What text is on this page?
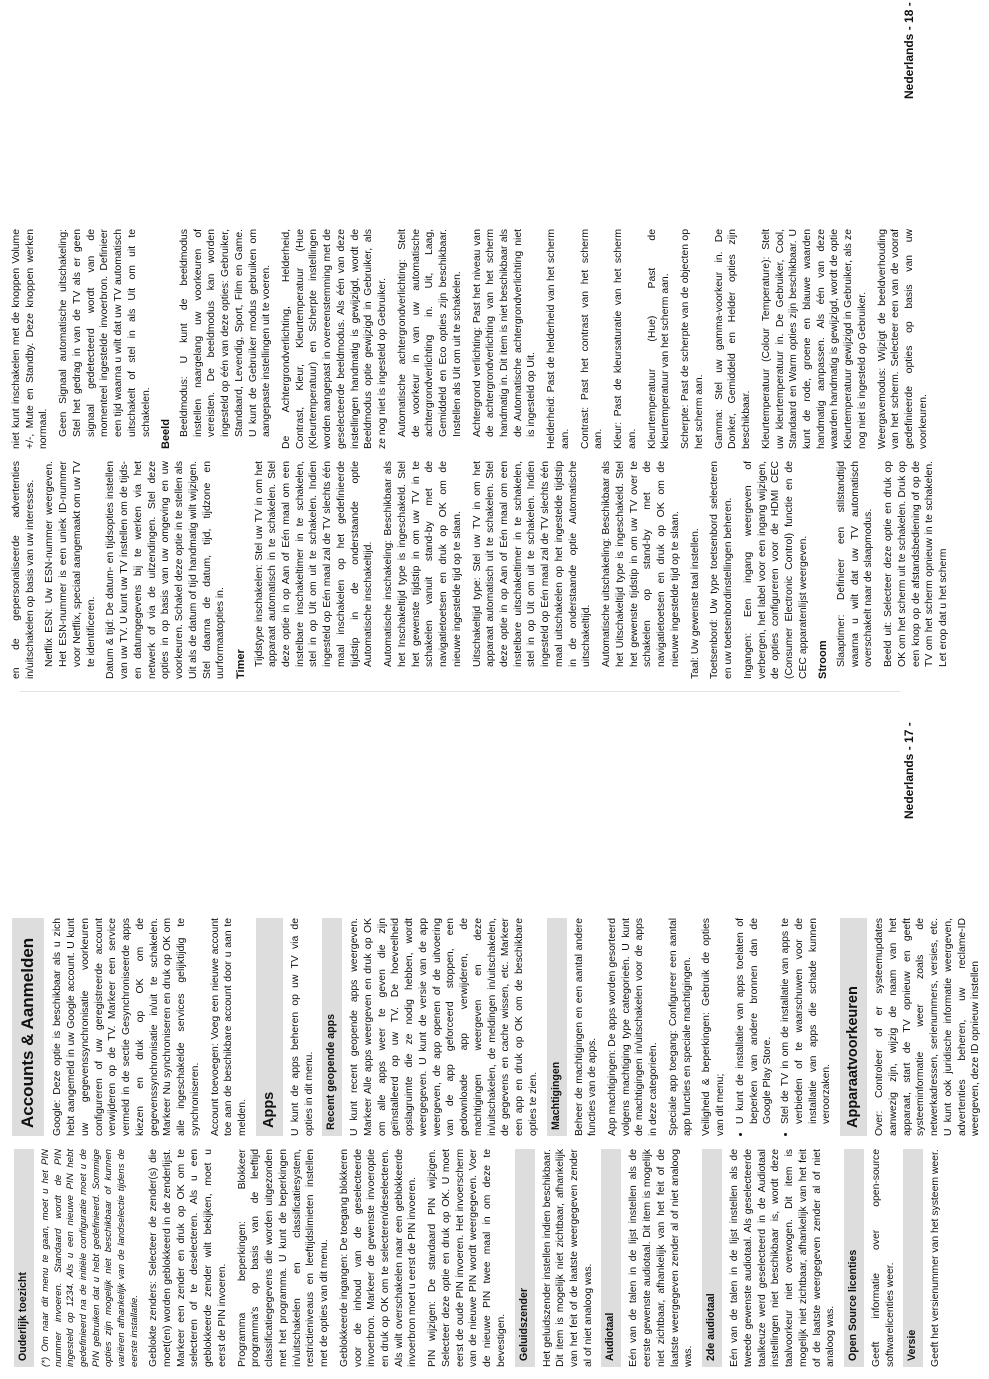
Ouderlijk toezicht	(*) Om naar dit menu te gaan, moet u het PIN nummer invoeren. Standaard wordt de PIN ingesteld op 1234. Als u een nieuwe PIN hebt gedefinieerd na de initiële configuratie moet u de PIN gebruiken dat u hebt gedefinieerd. Sommige opties zijn mogelijk niet beschikbaar of kunnen variëren afhankelijk van de landselectie tijdens de eerste installatie. Geblokte zenders: Selecteer de zender(s) die moet(en) worden geblokkeerd in de zenderlijst. Markeer een zender en druk op OK om te selecteren of te deselecteren. Als u een geblokkeerde zender wilt bekijken, moet u eerst de PIN invoeren. Programma beperkingen: Blokkeer programma's op basis van de leeftijd classificatiegegevens die worden uitgezonden met het programma. U kunt de beperkingen in/uitschakelen en classificatiesystem, restrictieniveaus en leeftijdslimieten instellen met de opties van dit menu. Geblokkeerde ingangen: De toegang blokkeren voor de inhoud van de geselecteerde invoerbron. Markeer de gewenste invoeroptie en druk op OK om te selecteren/deselecteren. Als wilt overschakelen naar een geblokkeerde invoerbron moet u eerst de PIN invoeren. PIN wijzigen: De standaard PIN wijzigen. Selecteer deze optie en druk op OK. U moet eerst de oude PIN invoeren. Het invoerscherm van de nieuwe PIN wordt weergegeven. Voer de nieuwe PIN twee maal in om deze te bevestigen. Geluidszender	Het geluidszender instellen indien beschikbaar. Dit item is mogelijk niet zichtbaar, afhankelijk van het feit of de laatste weergegeven zender al of niet analoog was. Audiotaal	Eén van de talen in de lijst instellen als de eerste gewenste audiotaal. Dit item is mogelijk niet zichtbaar, afhankelijk van het feit of de laatste weergegeven zender al of niet analoog was. 2de audiotaal	Eén van de talen in de lijst instellen als de tweede gewenste audiotaal. Als geselecteerde taalkeuze werd geselecteerd in de Audiotaal instellingen niet beschikbaar is, wordt deze taalvoorkeur niet overwogen. Dit item is mogelijk niet zichtbaar, afhankelijk van het feit of de laatste weergegeven zender al of niet analoog was. Open Source licenties	Geeft informatie over open-source softwarelicenties weer. Versie	Geeft het versienummer van het systeem weer.

Accounts & Aanmelden	Google: Deze optie is beschikbaar als u zich hebt aangemeld in uw Google account. U kunt uw gegevenssynchronisatie voorkeuren configureren of uw geregistreerde account verwijderen op de TV. Markeer een service vermeld in de sectie Gesynchroniseerde apps kiezen en druk op OK om de gegevenssynchronisatie in/uit te schakelen. Markeer Nu synchroniseren en druk op OK om alle ingeschakelde services gelijktijdig te synchroniseren. Account toevoegen: Voeg een nieuwe account toe aan de beschikbare account door u aan te melden. Apps	U kunt de apps beheren op uw TV via de opties in dit menu. Recent geopende apps	U kunt recent geopende apps weergeven. Markeer Alle apps weergeven en druk op OK om alle apps weer te geven die zijn geïnstalleerd op uw TV. De hoeveelheid opslagruimte die ze nodig hebben, wordt weergegeven. U kunt de versie van de app weergeven, de app openen of de uitvoering van de app geforceerd stoppen, een gedownloade app verwijderen, de machtigingen weergeven en deze in/uitschakelen, de meldingen in/uitschakelen, de gegevens en cache wissen, etc. Markeer een app en druk op OK om de beschikbare opties te zien. Machtigingen	Beheer de machtigingen en een aantal andere functies van de apps. App machtigingen: De apps worden gesorteerd volgens machtiging type categorieën. U kunt de machtigingen in/uitschakelen voor de apps in deze categorieën. Speciale app toegang: Configureer een aantal app functies en speciale machtigingen. Veiligheid & beperkingen: Gebruik de opties van dit menu; • U kunt de installatie van apps toelaten of beperken van andere bronnen dan de Google Play Store. • Stel de TV in om de installatie van apps te verbieden of te waarschuwen voor de installatie van apps die schade kunnen veroorzaken. Apparaatvoorkeuren	Over: Controleer of er systeemupdates aanwezig zijn, wijzig de naam van het apparaat, start de TV opnieuw en geeft systeeminformatie weer zoals de netwerkadressen, serienummers, versies, etc. U kunt ook juridische informatie weergeven, advertenties beheren, uw reclame-ID weergeven, deze ID opnieuw instellen

en de gepersonaliseerde advertenties in/uitschakelen op basis van uw interesses. Netflix ESN: Uw ESN-nummer weergeven. Het ESN-nummer is een uniek ID-nummer voor Netflix, speciaal aangemaakt om uw TV te identificeren. Datum & tijd: De datum- en tijdsopties instellen van uw TV. U kunt uw TV instellen om de tijds- en datumgegevens bij te werken via het netwerk of via de uitzendingen. Stel deze opties in op basis van uw omgeving en uw voorkeuren. Schakel deze optie in te stellen als Uit als de datum of tijd handmatig wilt wijzigen. Stel daarna de datum, tijd, tijdzone en uurformaatopties in. Timer Tijdstype inschakelen: Stel uw TV in om het apparaat automatisch in te schakelen. Stel deze optie in op Aan of Eén maal om een instelbare inschakeltimer in te schakelen, stel in op Uit om uit te schakelen. Indien ingesteld op Eén maal zal de TV slechts één maal inschakelen op het gedefinieerde tijdstip in de onderstaande optie Automatische inschakeltijd. Automatische inschakeling: Beschikbaar als het Inschakeltijd type is ingeschakeld. Stel het gewenste tijdstip in om uw TV in te schakelen vanuit stand-by met de navigatietoetsen en druk op OK om de nieuwe ingestelde tijd op te slaan. Uitschakeltijd type: Stel uw TV in om het apparaat automatisch uit te schakelen. Stel deze optie in op Aan of Eén maal om een instelbare uitschakeltimer in te schakelen, stel in op Uit om uit te schakelen. Indien ingesteld op Eén maal zal de TV slechts één maal uitschakelen op het ingestelde tijdstip in de onderstaande optie Automatische uitschakeltijd. Automatische uitschakeling: Beschikbaar als het Uitschakeltijd type is ingeschakeld. Stel het gewenste tijdstip in om uw TV over te schakelen op stand-by met de navigatietoetsen en druk op OK om de nieuwe ingestelde tijd op te slaan. Taal: Uw gewenste taal instellen. Toetsenbord: Uw type toetsenbord selecteren en uw toetsenbordinstellingen beheren. Ingangen: Een ingang weergeven of verbergen, het label voor een ingang wijzigen, de opties configureren voor de HDMI CEC (Consumer Electronic Control) functie en de CEC apparatenlijst weergeven. Stroom Slaaptimer: Definieer een stilstandtijd waarna u wilt dat uw TV automatisch overschakelt naar de slaapmodus. Beeld uit: Selecteer deze optie en druk op OK om het scherm uit te schakelen. Druk op een knop op de afstandsbediening of op de TV om het scherm opnieuw in te schakelen. Let erop dat u het scherm

niet kunt inschakelen met de knoppen Volume +/-, Mute en Standby. Deze knoppen werken normaal. Geen Signaal automatische uitschakeling: Stel het gedrag in van de TV als er geen signaal gedetecteerd wordt van de momenteel ingestelde invoerbron. Definieer een tijd waarna u wilt dat uw TV automatisch uitschakelt of stel in als Uit om uit te schakelen. Beeld Beeldmodus: U kunt de beeldmodus instellen naargelang uw voorkeuren of vereisten. De beeldmodus kan worden ingesteld op één van deze opties: Gebruiker, Standaard, Levendig, Sport, Film en Game. U kunt de Gebruiker modus gebruiken om aangepaste instellingen uit te voeren. De Achtergrondverlichting, Helderheid, Contrast, Kleur, Kleurtemperatuur (Hue (Kleurtemperatuur) en Scherpte instellingen worden aangepast in overeenstemming met de geselecteerde beeldmodus. Als één van deze instellingen handmatig is gewijzigd, wordt de Beeldmodus optie gewijzigd in Gebruiker, als ze nog niet is ingesteld op Gebruiker. Automatische achtergrondverlichting: Stelt de voorkeur in van uw automatische achtergrondverlichting in. Uit, Laag, Gemiddeld en Eco opties zijn beschikbaar. Instellen als Uit om uit te schakelen. Achtergrond verlichting: Past het niveau van de achtergrondverlichting van het scherm handmatig in. Dit item is niet beschikbaar als de Automatische achtergrondverlichting niet is ingesteld op Uit. Helderheid: Past de helderheid van het scherm aan. Contrast: Past het contrast van het scherm aan. Kleur: Past de kleursaturatie van het scherm aan. Kleurtemperatuur (Hue) Past de kleurtemperatuur van het scherm aan. Scherpte: Past de scherpte van de objecten op het scherm aan. Gamma: Stel uw gamma-voorkeur in. De Donker, Gemiddeld en Helder opties zijn beschikbaar. Kleurtemperatuur (Colour Temperature): Stelt uw kleurtemperatuur in. De Gebruiker, Cool, Standaard en Warm opties zijn beschikbaar. U kunt de rode, groene en blauwe waarden handmatig aanpassen. Als één van deze waarden handmatig is gewijzigd, wordt de optie Kleurtemperatuur gewijzigd in Gebruiker, als ze nog niet is ingesteld op Gebruiker. Weergavemodus: Wijzigt de beeldverhouding van het scherm. Selecteer een van de vooraf gedefinieerde opties op basis van uw voorkeuren.

Nederlands - 17 -
Nederlands - 18 -
